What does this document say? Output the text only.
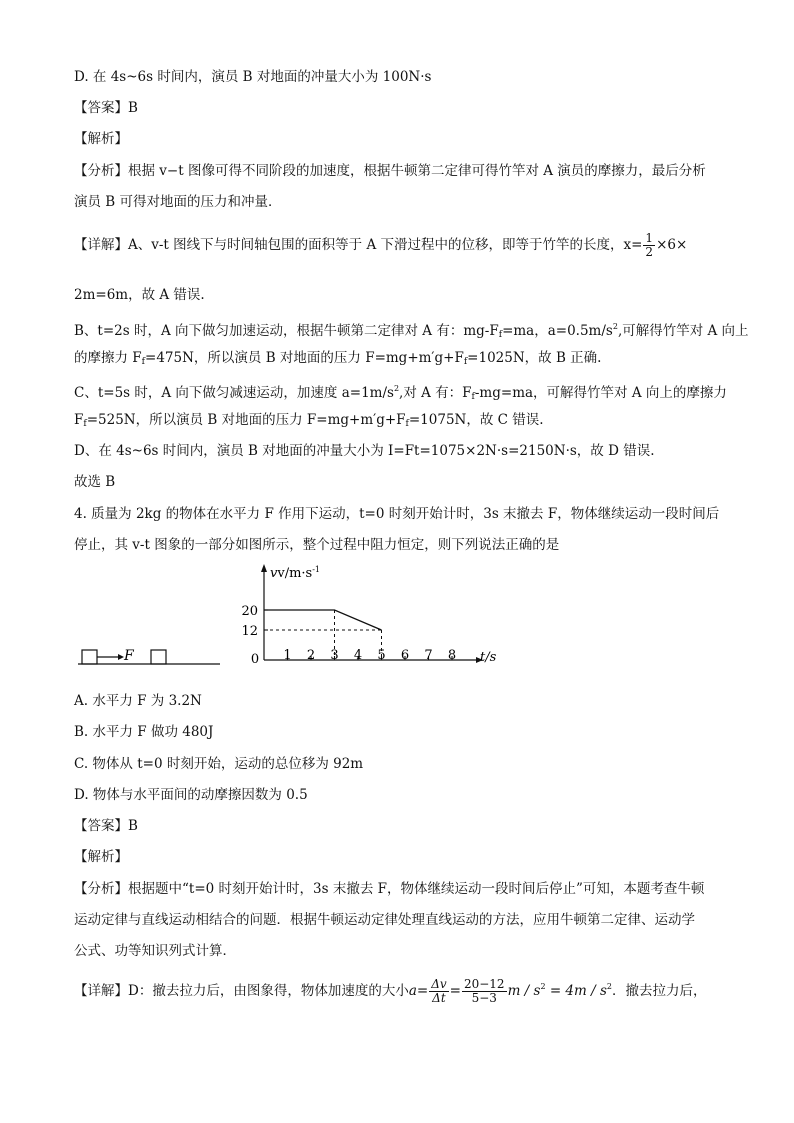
D. 在 4s~6s 时间内，演员 B 对地面的冲量大小为 100N·s
【答案】B
【解析】
【分析】根据 v−t 图像可得不同阶段的加速度，根据牛顿第二定律可得竹竿对 A 演员的摩擦力，最后分析
演员 B 可得对地面的压力和冲量．
【详解】A、v-t 图线下与时间轴包围的面积等于 A 下滑过程中的位移，即等于竹竿的长度，$x= \frac{1}{2} \times 6\times$
2m=6m，故 A 错误.
B、t=2s 时，A 向下做匀加速运动，根据牛顿第二定律对 A 有：$mg-F_f=ma$，$a=0.5m/s^2$,可解得竹竿对 A 向上
的摩擦力 $F_f=475N$，所以演员 B 对地面的压力 $F=mg+m'g+F_f=1025N$，故 B 正确.
C、t=5s 时，A 向下做匀减速运动，加速度 $a=1m/s^2$,对 A 有：$F_f-mg=ma$，可解得竹竿对 A 向上的摩擦力
$F_f=525N$，所以演员 B 对地面的压力 $F=mg+m'g+F_f=1075N$，故 C 错误.
D、在 4s~6s 时间内，演员 B 对地面的冲量大小为 I=Ft=1075×2N·s=2150N·s，故 D 错误.
故选 B
4. 质量为 2kg 的物体在水平力 F 作用下运动，t=0 时刻开始计时，3s 末撤去 F，物体继续运动一段时间后
停止，其 v-t 图象的一部分如图所示，整个过程中阻力恒定，则下列说法正确的是
F
$vv/m\cdot s^{-1}$
t/s
0
20
12
1 2 3 4 5 6 7 8
A. 水平力 F 为 3.2N
B. 水平力 F 做功 480J
C. 物体从 t=0 时刻开始，运动的总位移为 92m
D. 物体与水平面间的动摩擦因数为 0.5
【答案】B
【解析】
【分析】根据题中“t=0 时刻开始计时，3s 末撤去 F，物体继续运动一段时间后停止”可知，本题考查牛顿
运动定律与直线运动相结合的问题．根据牛顿运动定律处理直线运动的方法，应用牛顿第二定律、运动学
公式、功等知识列式计算．
【详解】D：撤去拉力后，由图象得，物体加速度的大小$a= \frac{\Delta v}{\Delta t} = \frac{20-12}{5-3}$ $m / s^2 = 4m / s^2$．撤去拉力后，
